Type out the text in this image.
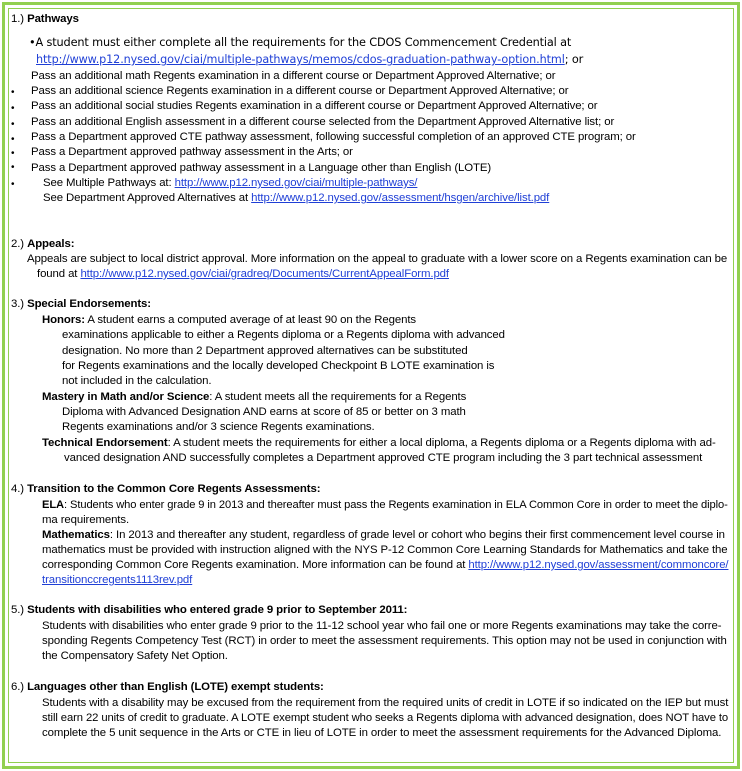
1.) Pathways
•A student must either complete all the requirements for the CDOS Commencement Credential at
http://www.p12.nysed.gov/ciai/multiple-pathways/memos/cdos-graduation-pathway-option.html; or
•
•
•
•
•
•
•
Pass an additional math Regents examination in a different course or Department Approved Alternative; or
Pass an additional science Regents examination in a different course or Department Approved Alternative; or
Pass an additional social studies Regents examination in a different course or Department Approved Alternative; or
Pass an additional English assessment in a different course selected from the Department Approved Alternative list; or
Pass a Department approved CTE pathway assessment, following successful completion of an approved CTE program; or
Pass a Department approved pathway assessment in the Arts; or
Pass a Department approved pathway assessment in a Language other than English (LOTE)
See Multiple Pathways at: http://www.p12.nysed.gov/ciai/multiple-pathways/
See Department Approved Alternatives at http://www.p12.nysed.gov/assessment/hsgen/archive/list.pdf
2.) Appeals:
Appeals are subject to local district approval. More information on the appeal to graduate with a lower score on a Regents examination can be
found at http://www.p12.nysed.gov/ciai/gradreq/Documents/CurrentAppealForm.pdf
3.) Special Endorsements:
Honors: A student earns a computed average of at least 90 on the Regents
examinations applicable to either a Regents diploma or a Regents diploma with advanced
designation. No more than 2 Department approved alternatives can be substituted
for Regents examinations and the locally developed Checkpoint B LOTE examination is
not included in the calculation.
Mastery in Math and/or Science: A student meets all the requirements for a Regents
Diploma with Advanced Designation AND earns at score of 85 or better on 3 math
Regents examinations and/or 3 science Regents examinations.
Technical Endorsement: A student meets the requirements for either a local diploma, a Regents diploma or a Regents diploma with ad-
vanced designation AND successfully completes a Department approved CTE program including the 3 part technical assessment
4.) Transition to the Common Core Regents Assessments:
ELA: Students who enter grade 9 in 2013 and thereafter must pass the Regents examination in ELA Common Core in order to meet the diplo-
ma requirements.
Mathematics: In 2013 and thereafter any student, regardless of grade level or cohort who begins their first commencement level course in
mathematics must be provided with instruction aligned with the NYS P-12 Common Core Learning Standards for Mathematics and take the
corresponding Common Core Regents examination. More information can be found at http://www.p12.nysed.gov/assessment/commoncore/
transitionccregents1113rev.pdf
5.) Students with disabilities who entered grade 9 prior to September 2011:
Students with disabilities who enter grade 9 prior to the 11-12 school year who fail one or more Regents examinations may take the corre-
sponding Regents Competency Test (RCT) in order to meet the assessment requirements. This option may not be used in conjunction with
the Compensatory Safety Net Option.
6.) Languages other than English (LOTE) exempt students:
Students with a disability may be excused from the requirement from the required units of credit in LOTE if so indicated on the IEP but must
still earn 22 units of credit to graduate. A LOTE exempt student who seeks a Regents diploma with advanced designation, does NOT have to
complete the 5 unit sequence in the Arts or CTE in lieu of LOTE in order to meet the assessment requirements for the Advanced Diploma.
